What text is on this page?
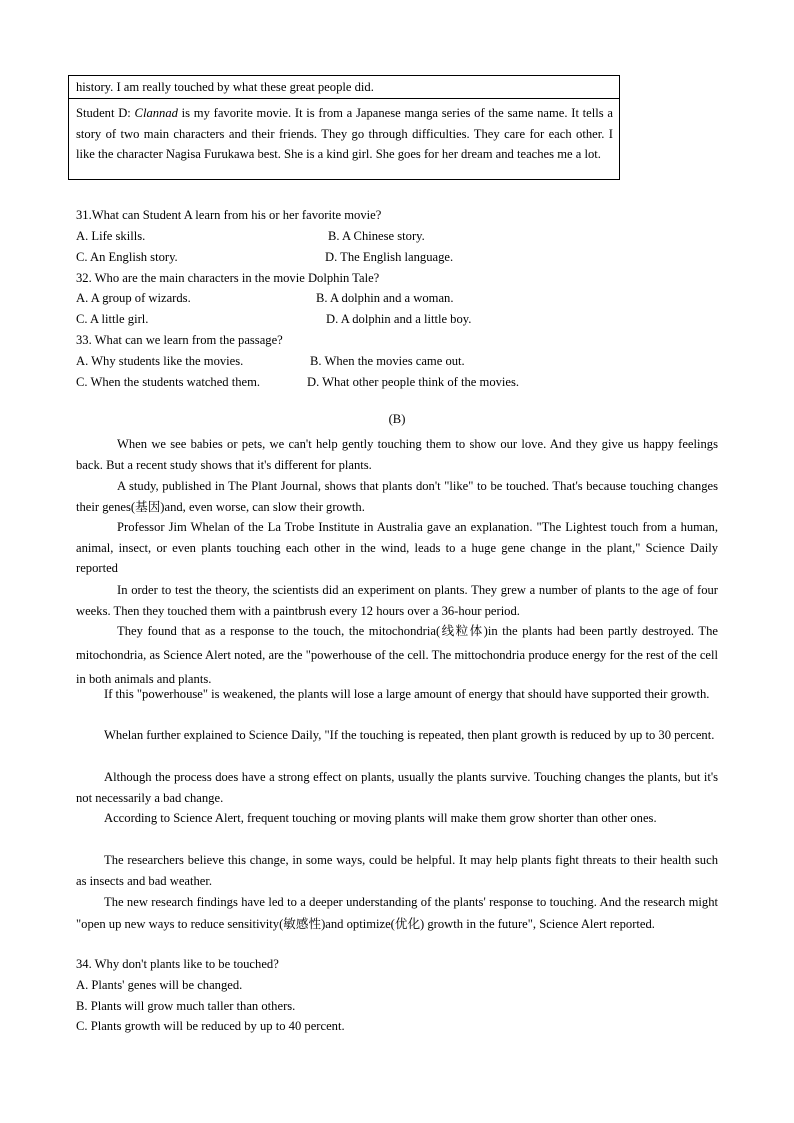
history. I am really touched by what these great people did.
Student D: Clannad is my favorite movie. It is from a Japanese manga series of the same name. It tells a story of two main characters and their friends. They go through difficulties. They care for each other. I like the character Nagisa Furukawa best. She is a kind girl. She goes for her dream and teaches me a lot.
31.What can Student A learn from his or her favorite movie?
A. Life skills.	B. A Chinese story.
C. An English story.	D. The English language.
32. Who are the main characters in the movie Dolphin Tale?
A. A group of wizards.	B. A dolphin and a woman.
C. A little girl.	D. A dolphin and a little boy.
33. What can we learn from the passage?
A. Why students like the movies.	B. When the movies came out.
C. When the students watched them.	D. What other people think of the movies.
(B)
When we see babies or pets, we can't help gently touching them to show our love. And they give us happy feelings back. But a recent study shows that it's different for plants.
A study, published in The Plant Journal, shows that plants don't "like" to be touched. That's because touching changes their genes(基因)and, even worse, can slow their growth.
Professor Jim Whelan of the La Trobe Institute in Australia gave an explanation. "The Lightest touch from a human, animal, insect, or even plants touching each other in the wind, leads to a huge gene change in the plant," Science Daily reported
In order to test the theory, the scientists did an experiment on plants. They grew a number of plants to the age of four weeks. Then they touched them with a paintbrush every 12 hours over a 36-hour period.
They found that as a response to the touch, the mitochondria(线粒体)in the plants had been partly destroyed. The mitochondria, as Science Alert noted, are the "powerhouse of the cell. The mittochondria produce energy for the rest of the cell in both animals and plants.
If this "powerhouse" is weakened, the plants will lose a large amount of energy that should have supported their growth.
Whelan further explained to Science Daily, "If the touching is repeated, then plant growth is reduced by up to 30 percent.
Although the process does have a strong effect on plants, usually the plants survive. Touching changes the plants, but it's not necessarily a bad change.
According to Science Alert, frequent touching or moving plants will make them grow shorter than other ones.
The researchers believe this change, in some ways, could be helpful. It may help plants fight threats to their health such as insects and bad weather.
The new research findings have led to a deeper understanding of the plants' response to touching. And the research might "open up new ways to reduce sensitivity(敏感性)and optimize(优化) growth in the future", Science Alert reported.
34. Why don't plants like to be touched?
A. Plants' genes will be changed.
B. Plants will grow much taller than others.
C. Plants growth will be reduced by up to 40 percent.
